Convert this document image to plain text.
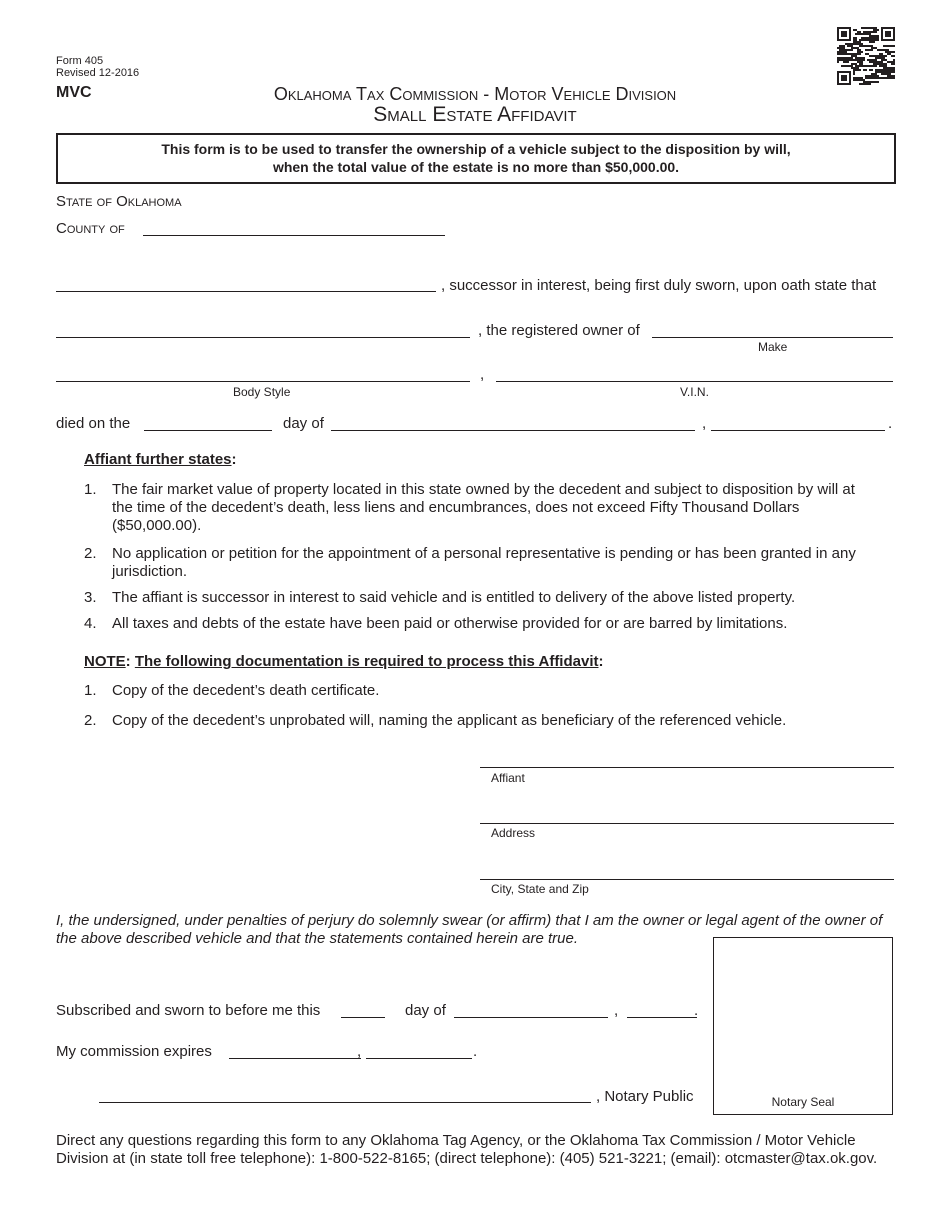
Form 405
Revised 12-2016
MVC	Oklahoma Tax Commission - Motor Vehicle Division
Small Estate Affidavit
This form is to be used to transfer the ownership of a vehicle subject to the disposition by will,
when the total value of the estate is no more than $50,000.00.
State of Oklahoma
County of
, successor in interest, being first duly sworn, upon oath state that
, the registered owner of
Make
,
Body Style	V.I.N.
died on the	day of	,	.
Affiant further states:
1. The fair market value of property located in this state owned by the decedent and subject to disposition by will at the time of the decedent’s death, less liens and encumbrances, does not exceed Fifty Thousand Dollars ($50,000.00).
2. No application or petition for the appointment of a personal representative is pending or has been granted in any jurisdiction.
3. The affiant is successor in interest to said vehicle and is entitled to delivery of the above listed property.
4. All taxes and debts of the estate have been paid or otherwise provided for or are barred by limitations.
NOTE: The following documentation is required to process this Affidavit:
1. Copy of the decedent’s death certificate.
2. Copy of the decedent’s unprobated will, naming the applicant as beneficiary of the referenced vehicle.
Affiant
Address
City, State and Zip
I, the undersigned, under penalties of perjury do solemnly swear (or affirm) that I am the owner or legal agent of the owner of the above described vehicle and that the statements contained herein are true.
Notary Seal
Subscribed and sworn to before me this	day of	,	.
My commission expires	,	.
, Notary Public
Direct any questions regarding this form to any Oklahoma Tag Agency, or the Oklahoma Tax Commission / Motor Vehicle Division at (in state toll free telephone): 1-800-522-8165; (direct telephone): (405) 521-3221; (email): otcmaster@tax.ok.gov.
